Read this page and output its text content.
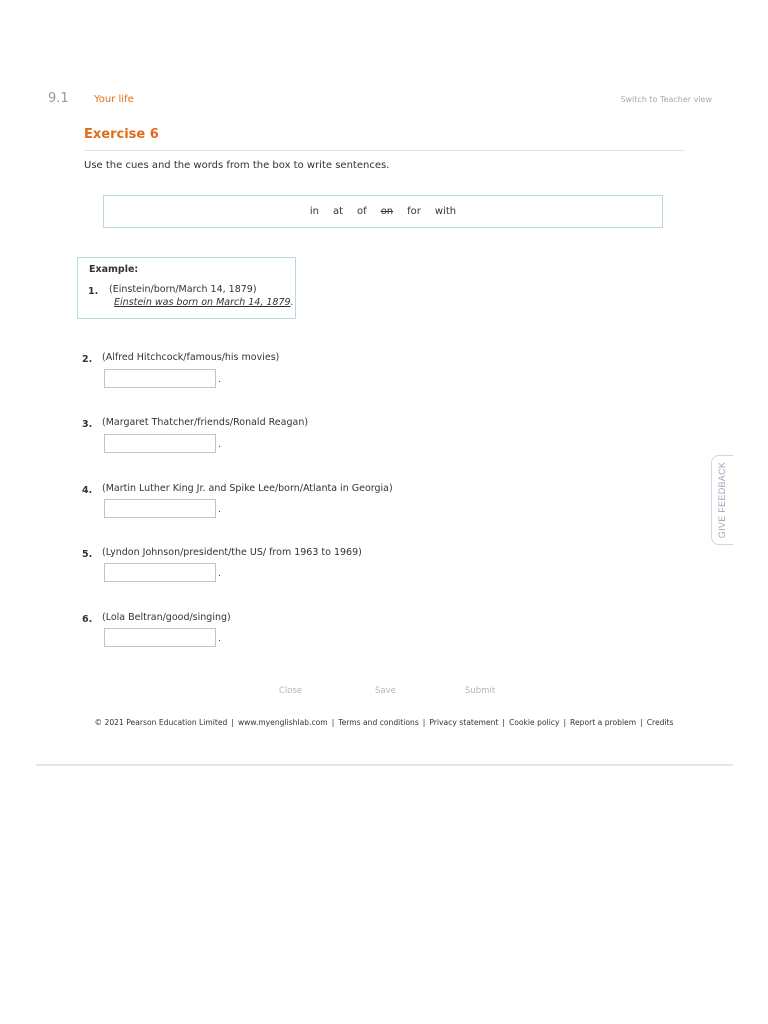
9.1	Your life	Switch to Teacher view
Exercise 6
Use the cues and the words from the box to write sentences.
in at of on for with
Example:
1. (Einstein/born/March 14, 1879)
Einstein was born on March 14, 1879.
2. (Alfred Hitchcock/famous/his movies)
.
3. (Margaret Thatcher/friends/Ronald Reagan)
.
4. (Martin Luther King Jr. and Spike Lee/born/Atlanta in Georgia)
.
5. (Lyndon Johnson/president/the US/ from 1963 to 1969)
.
6. (Lola Beltran/good/singing)
.
GIVE FEEDBACK
Close	Save	Submit
© 2021 Pearson Education Limited | www.myenglishlab.com | Terms and conditions | Privacy statement | Cookie policy | Report a problem | Credits
